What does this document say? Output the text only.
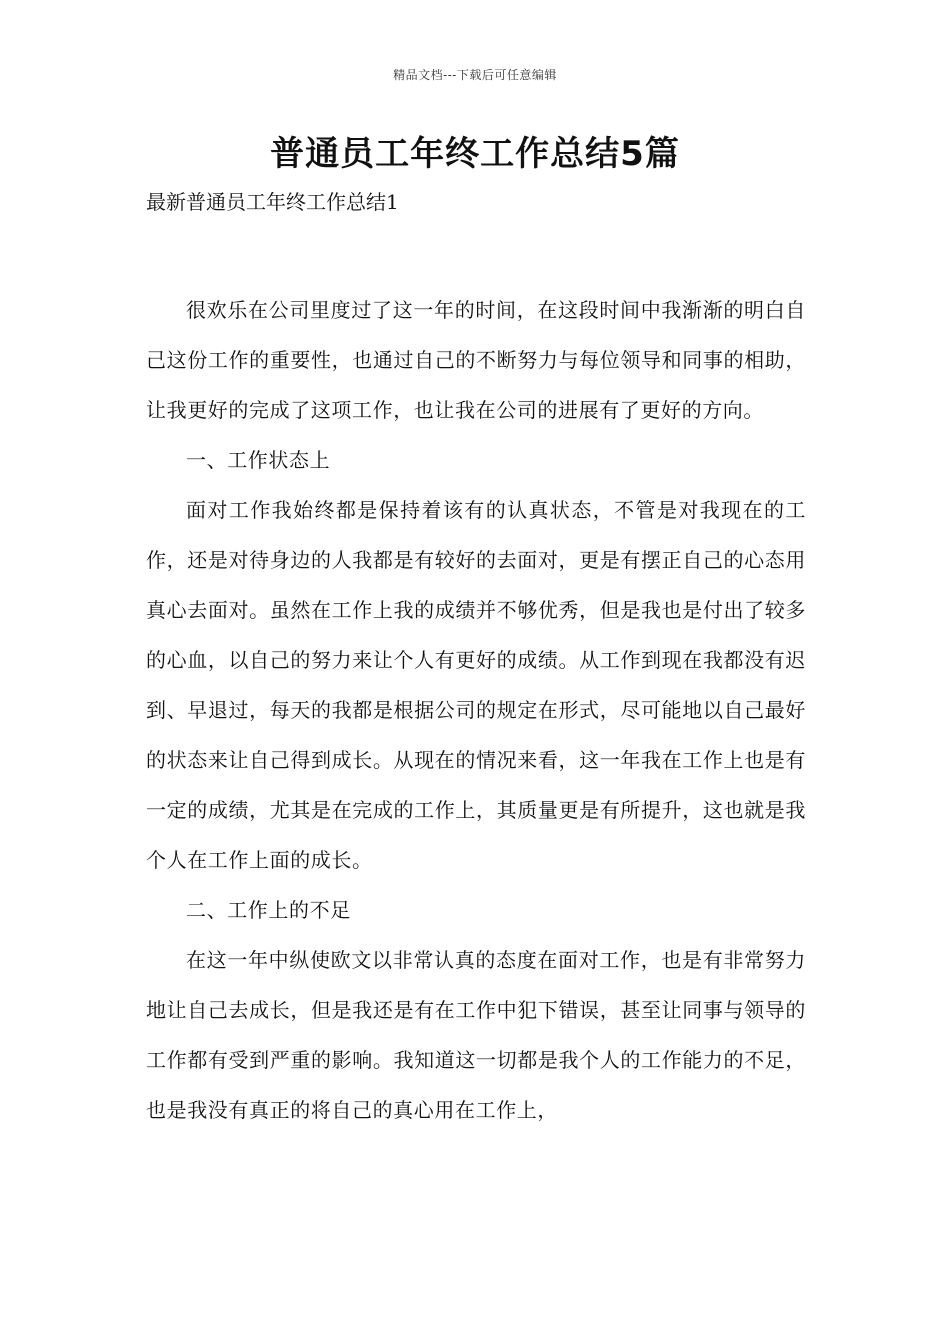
精品文档---下载后可任意编辑
普通员工年终工作总结5篇

最新普通员工年终工作总结1

很欢乐在公司里度过了这一年的时间，在这段时间中我渐渐的明白自己这份工作的重要性，也通过自己的不断努力与每位领导和同事的相助，让我更好的完成了这项工作，也让我在公司的进展有了更好的方向。

一、工作状态上

面对工作我始终都是保持着该有的认真状态，不管是对我现在的工作，还是对待身边的人我都是有较好的去面对，更是有摆正自己的心态用真心去面对。虽然在工作上我的成绩并不够优秀，但是我也是付出了较多的心血，以自己的努力来让个人有更好的成绩。从工作到现在我都没有迟到、早退过，每天的我都是根据公司的规定在形式，尽可能地以自己最好的状态来让自己得到成长。从现在的情况来看，这一年我在工作上也是有一定的成绩，尤其是在完成的工作上，其质量更是有所提升，这也就是我个人在工作上面的成长。

二、工作上的不足

在这一年中纵使欧文以非常认真的态度在面对工作，也是有非常努力地让自己去成长，但是我还是有在工作中犯下错误，甚至让同事与领导的工作都有受到严重的影响。我知道这一切都是我个人的工作能力的不足，也是我没有真正的将自己的真心用在工作上，
